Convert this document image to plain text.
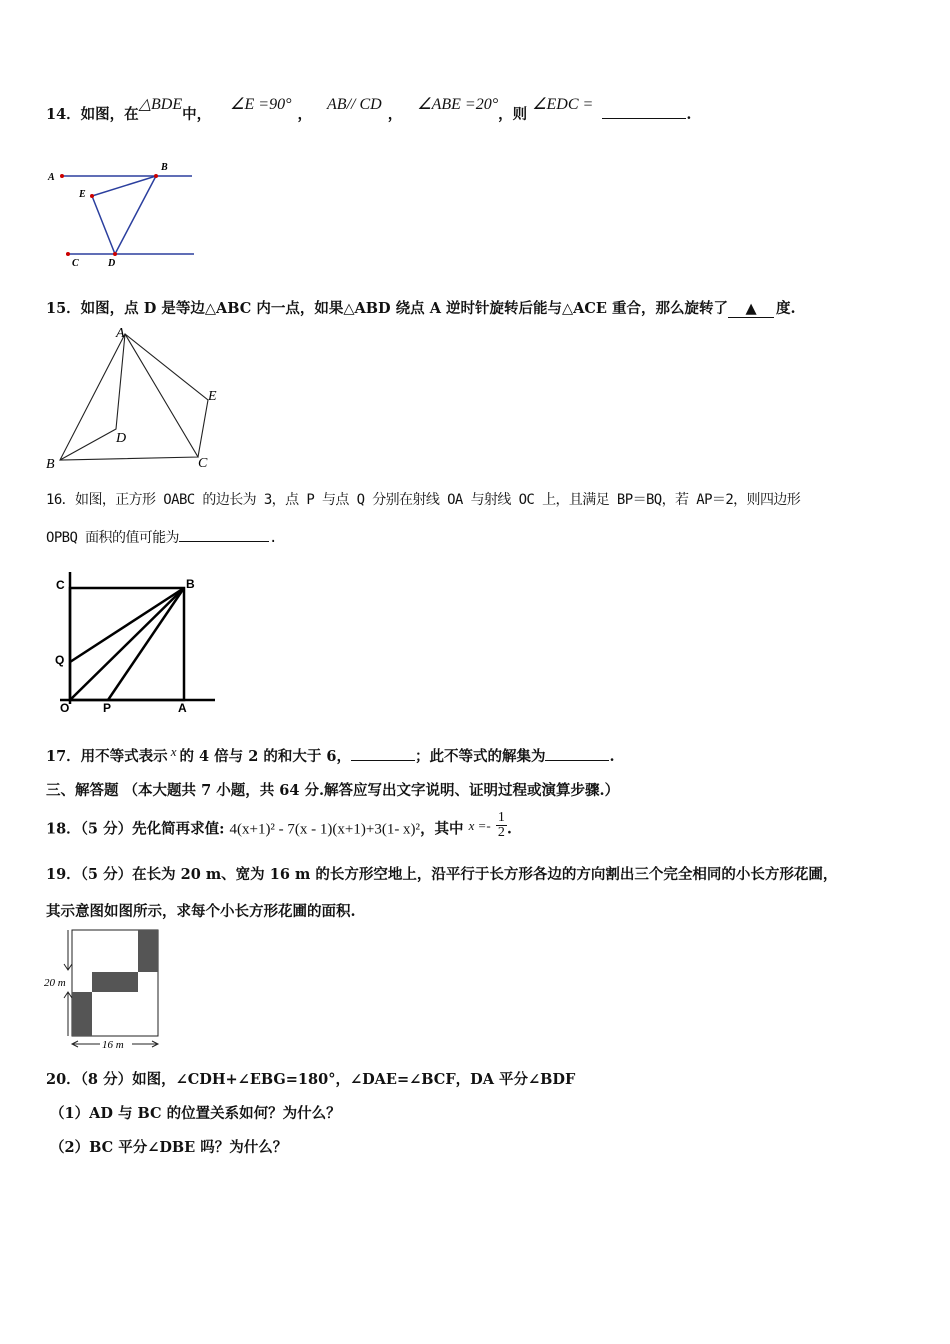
14．如图，在△BDE中， ∠E =90°， AB// CD， ∠ABE =20°，则 ∠EDC = .
A
B
E
C	D
15．如图，点 D 是等边△ABC 内一点，如果△ABD 绕点 A 逆时针旋转后能与△ACE 重合，那么旋转了 ▲ 度.
A
B	C
D
E
16．如图，正方形 OABC 的边长为 3，点 P 与点 Q 分别在射线 OA 与射线 OC 上，且满足 BP＝BQ，若 AP＝2，则四边形
OPBQ 面积的值可能为	.
C	B
Q
O	P	A
17．用不等式表示 x 的 4 倍与 2 的和大于 6，	；此不等式的解集为	.
三、解答题 （本大题共 7 小题，共 64 分.解答应写出文字说明、证明过程或演算步骤.）
18．（5 分）先化简再求值: 4(x+1)² - 7(x - 1)(x+1)+3(1- x)²，其中 $x =- \frac{1}{2}$ .
19．（5 分）在长为 20 m、宽为 16 m 的长方形空地上，沿平行于长方形各边的方向割出三个完全相同的小长方形花圃，
其示意图如图所示，求每个小长方形花圃的面积.
20 m
16 m
20．（8 分）如图，∠CDH+∠EBG=180°，∠DAE=∠BCF，DA 平分∠BDF
（1）AD 与 BC 的位置关系如何？为什么？
（2）BC 平分∠DBE 吗？为什么？
